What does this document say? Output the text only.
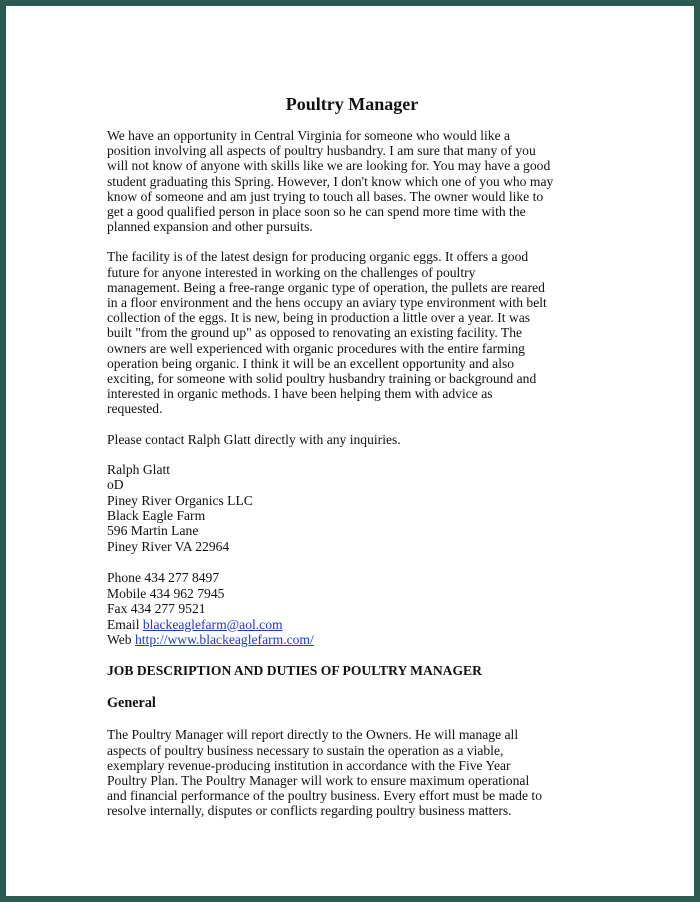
Poultry Manager
We have an opportunity in Central Virginia for someone who would like a
position involving all aspects of poultry husbandry. I am sure that many of you
will not know of anyone with skills like we are looking for. You may have a good
student graduating this Spring. However, I don't know which one of you who may
know of someone and am just trying to touch all bases. The owner would like to
get a good qualified person in place soon so he can spend more time with the
planned expansion and other pursuits.
The facility is of the latest design for producing organic eggs. It offers a good
future for anyone interested in working on the challenges of poultry
management. Being a free-range organic type of operation, the pullets are reared
in a floor environment and the hens occupy an aviary type environment with belt
collection of the eggs. It is new, being in production a little over a year. It was
built "from the ground up" as opposed to renovating an existing facility. The
owners are well experienced with organic procedures with the entire farming
operation being organic. I think it will be an excellent opportunity and also
exciting, for someone with solid poultry husbandry training or background and
interested in organic methods. I have been helping them with advice as
requested.
Please contact Ralph Glatt directly with any inquiries.
Ralph Glatt
oD
Piney River Organics LLC
Black Eagle Farm
596 Martin Lane
Piney River VA 22964
Phone 434 277 8497
Mobile 434 962 7945
Fax 434 277 9521
Email blackeaglefarm@aol.com
Web http://www.blackeaglefarm.com/
JOB DESCRIPTION AND DUTIES OF POULTRY MANAGER
General
The Poultry Manager will report directly to the Owners. He will manage all
aspects of poultry business necessary to sustain the operation as a viable,
exemplary revenue-producing institution in accordance with the Five Year
Poultry Plan. The Poultry Manager will work to ensure maximum operational
and financial performance of the poultry business. Every effort must be made to
resolve internally, disputes or conflicts regarding poultry business matters.
